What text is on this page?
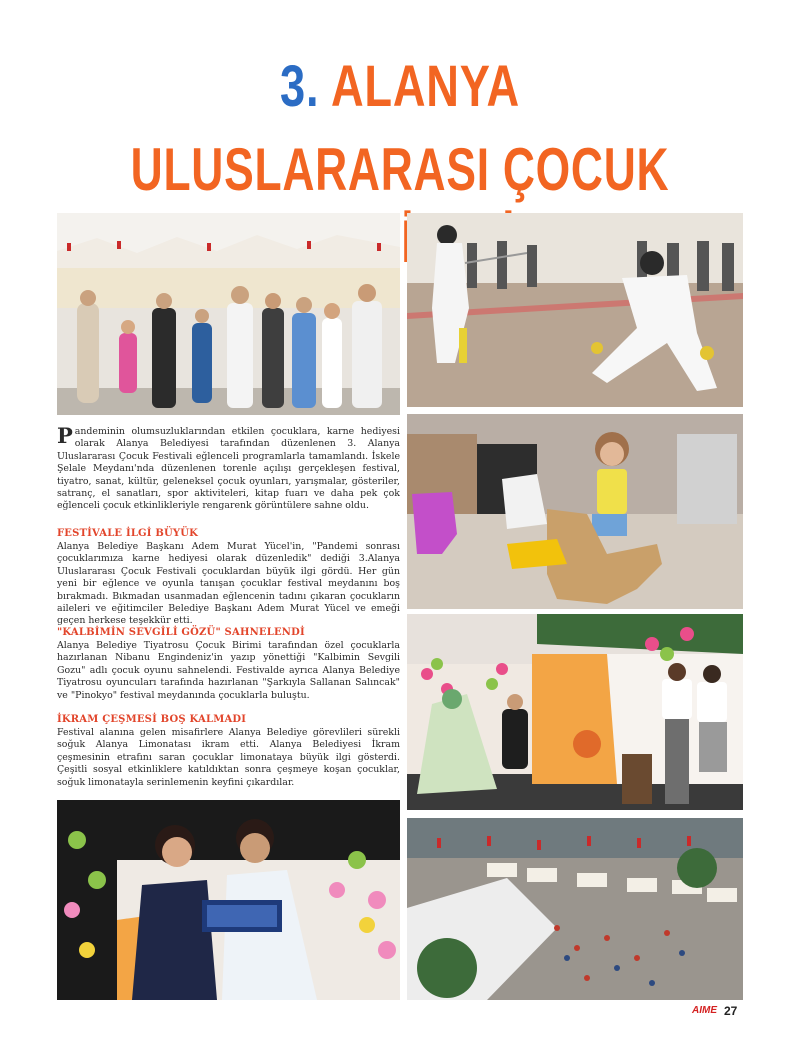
3. ALANYA
ULUSLARARASI ÇOCUK
Pandeminin olumsuzluklarından etkilen çocuklara, karne hediyesi olarak Alanya Belediyesi tarafından düzenlenen 3. Alanya Uluslararası Çocuk Festivali eğlenceli programlarla tamamlandı. İskele Şelale Meydanı'nda düzenlenen torenle açılışı gerçekleşen festival, tiyatro, sanat, kültür, geleneksel çocuk oyunları, yarışmalar, gösteriler, satranç, el sanatları, spor aktiviteleri, kitap fuarı ve daha pek çok eğlenceli çocuk etkinlikleriyle rengarenk görüntülere sahne oldu.
FESTİVALE İLGİ BÜYÜK
Alanya Belediye Başkanı Adem Murat Yücel'in, "Pandemi sonrası çocuklarımıza karne hediyesi olarak düzenledik" dediği 3.Alanya Uluslararası Çocuk Festivali çocuklardan büyük ilgi gördü. Her gün yeni bir eğlence ve oyunla tanışan çocuklar festival meydanını boş bırakmadı. Bıkmadan usanmadan eğlencenin tadını çıkaran çocukların aileleri ve eğitimciler Belediye Başkanı Adem Murat Yücel ve emeği geçen herkese teşekkür etti.
"KALBİMİN SEVGİLİ GÖZÜ" SAHNELENDİ
Alanya Belediye Tiyatrosu Çocuk Birimi tarafından özel çocuklarla hazırlanan Nibanu Engindeniz'in yazıp yönettiği "Kalbimin Sevgili Gozu" adlı çocuk oyunu sahnelendi. Festivalde ayrıca Alanya Belediye Tiyatrosu oyuncuları tarafında hazırlanan "Şarkıyla Sallanan Salıncak" ve "Pinokyo" festival meydanında çocuklarla buluştu.
İKRAM ÇEŞMESİ BOŞ KALMADI
Festival alanına gelen misafirlere Alanya Belediye görevlileri sürekli soğuk Alanya Limonatası ikram etti. Alanya Belediyesi İkram çeşmesinin etrafını saran çocuklar limonataya büyük ilgi gösterdi. Çeşitli sosyal etkinliklere katıldıktan sonra çeşmeye koşan çocuklar, soğuk limonatayla serinlemenin keyfini çıkardılar.
AIME 27
